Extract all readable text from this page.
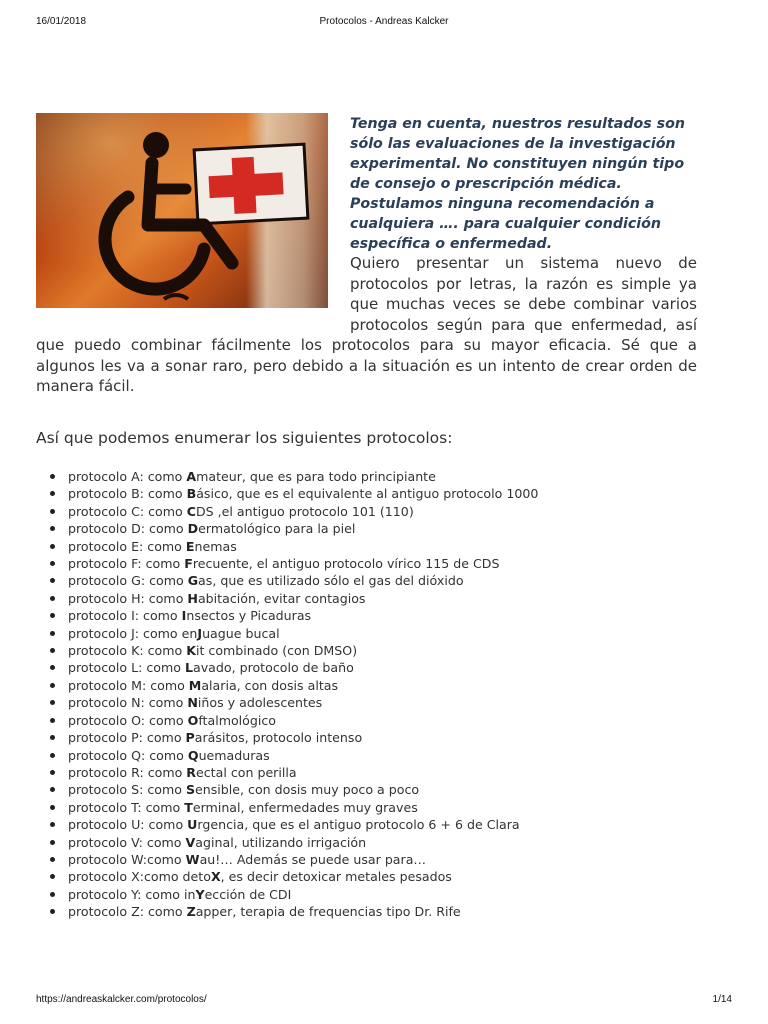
16/01/2018	Protocolos - Andreas Kalcker

Tenga en cuenta, nuestros resultados son sólo las evaluaciones de la investigación experimental. No constituyen ningún tipo de consejo o prescripción médica. Postulamos ninguna recomendación a cualquiera …. para cualquier condición específica o enfermedad.

Quiero presentar un sistema nuevo de protocolos por letras, la razón es simple ya que muchas veces se debe combinar varios protocolos según para que enfermedad, así que puedo combinar fácilmente los protocolos para su mayor eficacia. Sé que a algunos les va a sonar raro, pero debido a la situación es un intento de crear orden de manera fácil.

Así que podemos enumerar los siguientes protocolos:

protocolo A: como Amateur, que es para todo principiante
protocolo B: como Básico, que es el equivalente al antiguo protocolo 1000
protocolo C: como CDS ,el antiguo protocolo 101 (110)
protocolo D: como Dermatológico para la piel
protocolo E: como Enemas
protocolo F: como Frecuente, el antiguo protocolo vírico 115 de CDS
protocolo G: como Gas, que es utilizado sólo el gas del dióxido
protocolo H: como Habitación, evitar contagios
protocolo I: como Insectos y Picaduras
protocolo J: como enJuague bucal
protocolo K: como Kit combinado (con DMSO)
protocolo L: como Lavado, protocolo de baño
protocolo M: como Malaria, con dosis altas
protocolo N: como Niños y adolescentes
protocolo O: como Oftalmológico
protocolo P: como Parásitos, protocolo intenso
protocolo Q: como Quemaduras
protocolo R: como Rectal con perilla
protocolo S: como Sensible, con dosis muy poco a poco
protocolo T: como Terminal, enfermedades muy graves
protocolo U: como Urgencia, que es el antiguo protocolo 6 + 6 de Clara
protocolo V: como Vaginal, utilizando irrigación
protocolo W:como Wau!… Además se puede usar para…
protocolo X:como detoX, es decir detoxicar metales pesados
protocolo Y: como inYección de CDI
protocolo Z: como Zapper, terapia de frequencias tipo Dr. Rife
https://andreaskalcker.com/protocolos/	1/14
